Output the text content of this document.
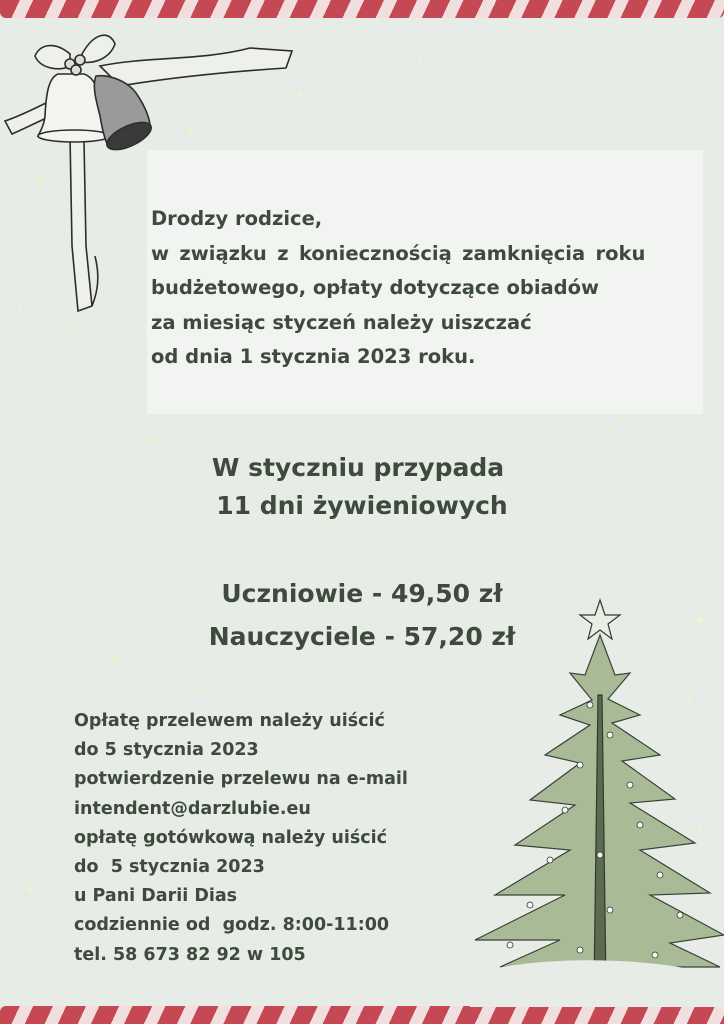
Drodzy rodzice,
w związku z koniecznością zamknięcia roku
budżetowego, opłaty dotyczące obiadów
za miesiąc styczeń należy uiszczać
od dnia 1 stycznia 2023 roku.
W styczniu przypada
11 dni żywieniowych
Uczniowie - 49,50 zł
Nauczyciele - 57,20 zł
Opłatę przelewem należy uiścić
do 5 stycznia 2023
potwierdzenie przelewu na e-mail
intendent@darzlubie.eu
opłatę gotówkową należy uiścić
do  5 stycznia 2023
u Pani Darii Dias
codziennie od  godz. 8:00-11:00
tel. 58 673 82 92 w 105
